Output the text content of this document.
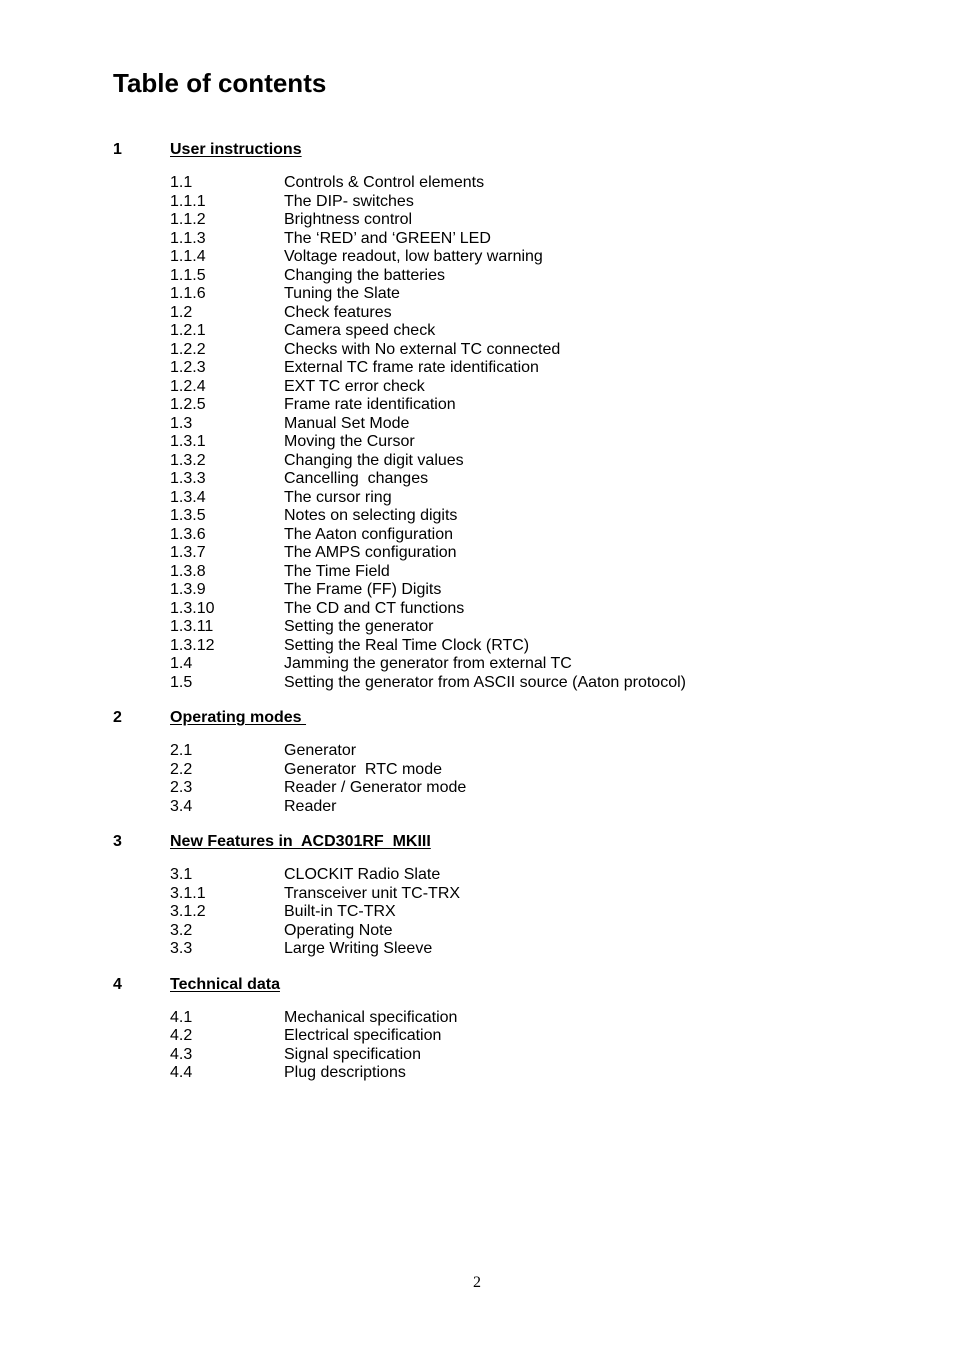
Table of contents
1	User instructions
1.1	Controls & Control elements
1.1.1	The DIP- switches
1.1.2	Brightness control
1.1.3	The ‘RED’ and ‘GREEN’ LED
1.1.4	Voltage readout, low battery warning
1.1.5	Changing the batteries
1.1.6	Tuning the Slate
1.2	Check features
1.2.1	Camera speed check
1.2.2	Checks with No external TC connected
1.2.3	External TC frame rate identification
1.2.4	EXT TC error check
1.2.5	Frame rate identification
1.3	Manual Set Mode
1.3.1	Moving the Cursor
1.3.2	Changing the digit values
1.3.3	Cancelling  changes
1.3.4	The cursor ring
1.3.5	Notes on selecting digits
1.3.6	The Aaton configuration
1.3.7	The AMPS configuration
1.3.8	The Time Field
1.3.9	The Frame (FF) Digits
1.3.10	The CD and CT functions
1.3.11	Setting the generator
1.3.12	Setting the Real Time Clock (RTC)
1.4	Jamming the generator from external TC
1.5	Setting the generator from ASCII source (Aaton protocol)
2	Operating modes
2.1	Generator
2.2	Generator  RTC mode
2.3	Reader / Generator mode
3.4	Reader
3	New Features in  ACD301RF  MKIII
3.1	CLOCKIT Radio Slate
3.1.1	Transceiver unit TC-TRX
3.1.2	Built-in TC-TRX
3.2	Operating Note
3.3	Large Writing Sleeve
4	Technical data
4.1	Mechanical specification
4.2	Electrical specification
4.3	Signal specification
4.4	Plug descriptions
2
